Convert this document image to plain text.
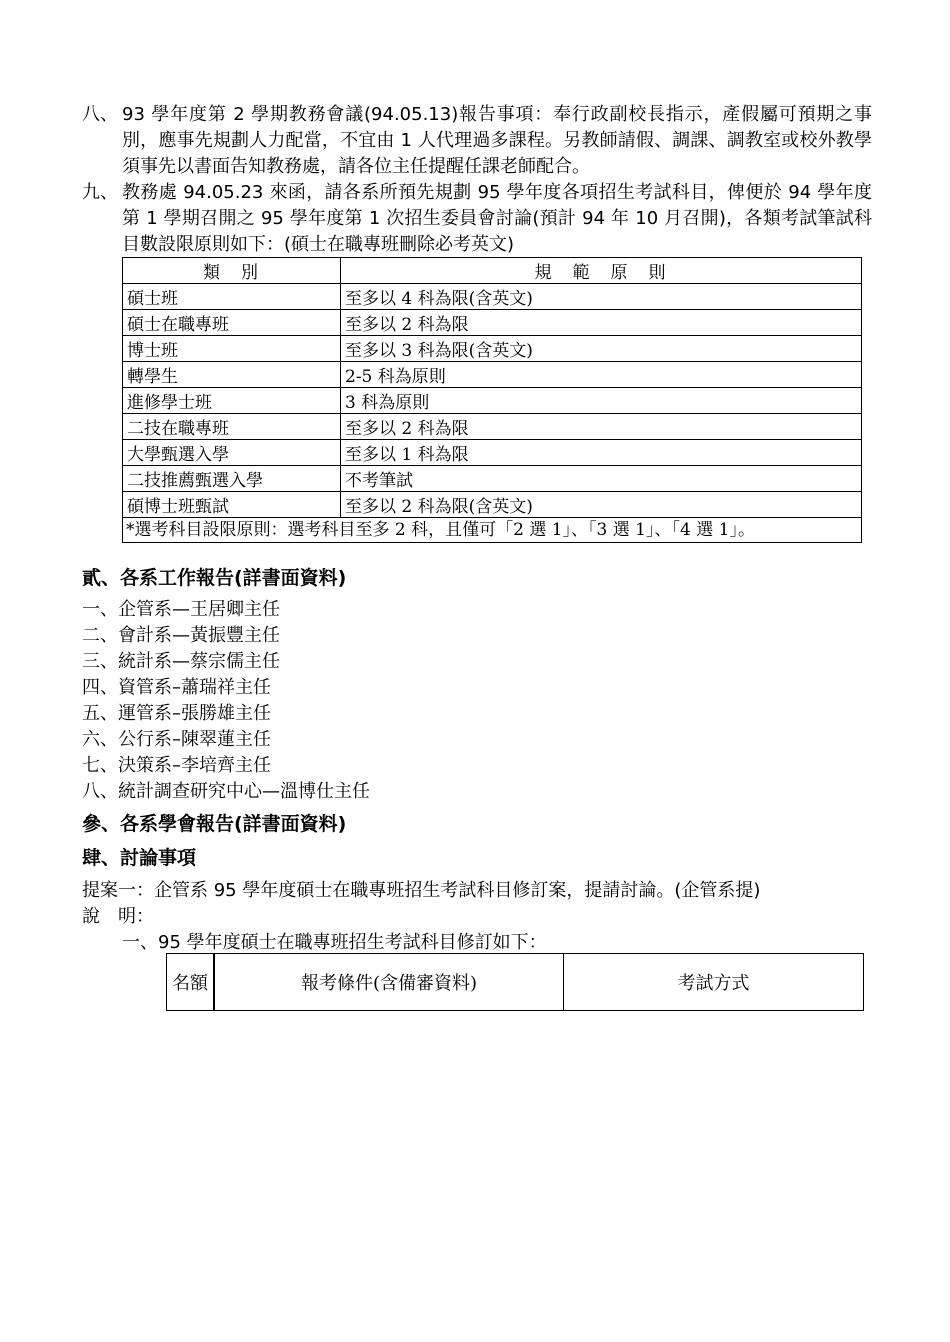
八、 93 學年度第 2 學期教務會議(94.05.13)報告事項：奉行政副校長指示，產假屬可預期之事別，應事先規劃人力配當，不宜由 1 人代理過多課程。另教師請假、調課、調教室或校外教學須事先以書面告知教務處，請各位主任提醒任課老師配合。
九、 教務處 94.05.23 來函，請各系所預先規劃 95 學年度各項招生考試科目，俾便於 94 學年度第 1 學期召開之 95 學年度第 1 次招生委員會討論(預計 94 年 10 月召開)，各類考試筆試科目數設限原則如下：(碩士在職專班刪除必考英文)
類　別	規　範　原　則
碩士班	至多以 4 科為限(含英文)
碩士在職專班	至多以 2 科為限
博士班	至多以 3 科為限(含英文)
轉學生	2-5 科為原則
進修學士班	3 科為原則
二技在職專班	至多以 2 科為限
大學甄選入學	至多以 1 科為限
二技推薦甄選入學	不考筆試
碩博士班甄試	至多以 2 科為限(含英文)
*選考科目設限原則：選考科目至多 2 科，且僅可「2 選 1」、「3 選 1」、「4 選 1」。	
貳、各系工作報告(詳書面資料)
一、企管系—王居卿主任
二、會計系—黃振豐主任
三、統計系—蔡宗儒主任
四、資管系–蕭瑞祥主任
五、運管系–張勝雄主任
六、公行系–陳翠蓮主任
七、決策系–李培齊主任
八、統計調查研究中心—溫博仕主任
參、各系學會報告(詳書面資料)
肆、討論事項
提案一：企管系 95 學年度碩士在職專班招生考試科目修訂案，提請討論。(企管系提)
說　明：
一、95 學年度碩士在職專班招生考試科目修訂如下：
名額	報考條件(含備審資料)	考試方式
